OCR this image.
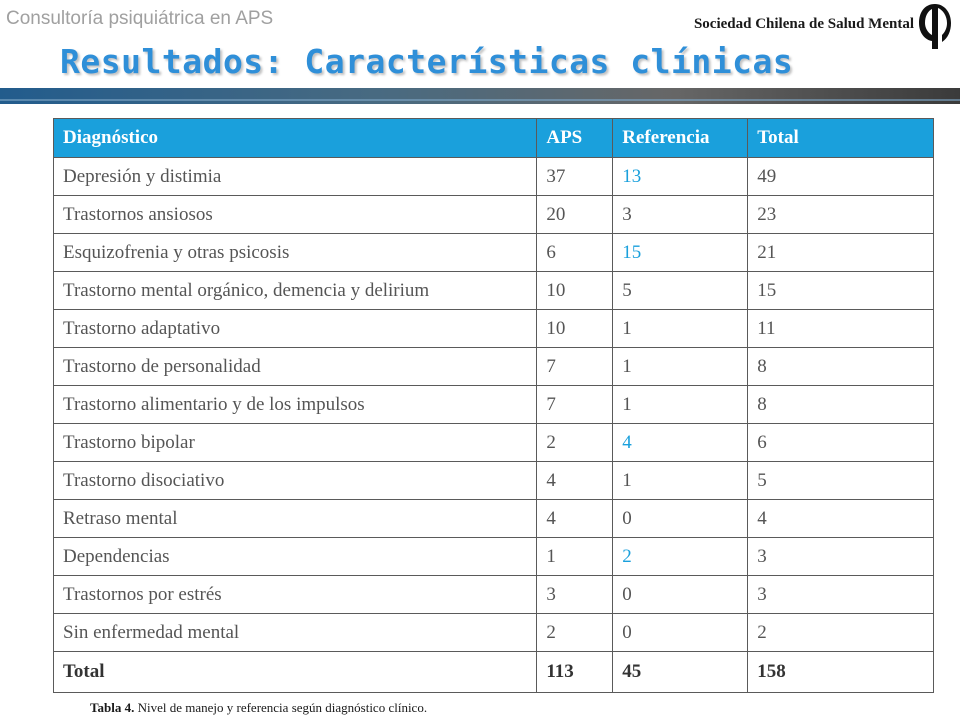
Consultoría psiquiátrica en APS	Sociedad Chilena de Salud Mental
Resultados: Características clínicas
Diagnóstico	APS	Referencia	Total
Depresión y distimia	37	13	49
Trastornos ansiosos	20	3	23
Esquizofrenia y otras psicosis	6	15	21
Trastorno mental orgánico, demencia y delirium	10	5	15
Trastorno adaptativo	10	1	11
Trastorno de personalidad	7	1	8
Trastorno alimentario y de los impulsos	7	1	8
Trastorno bipolar	2	4	6
Trastorno disociativo	4	1	5
Retraso mental	4	0	4
Dependencias	1	2	3
Trastornos por estrés	3	0	3
Sin enfermedad mental	2	0	2
Total	113	45	158
Tabla 4. Nivel de manejo y referencia según diagnóstico clínico.
